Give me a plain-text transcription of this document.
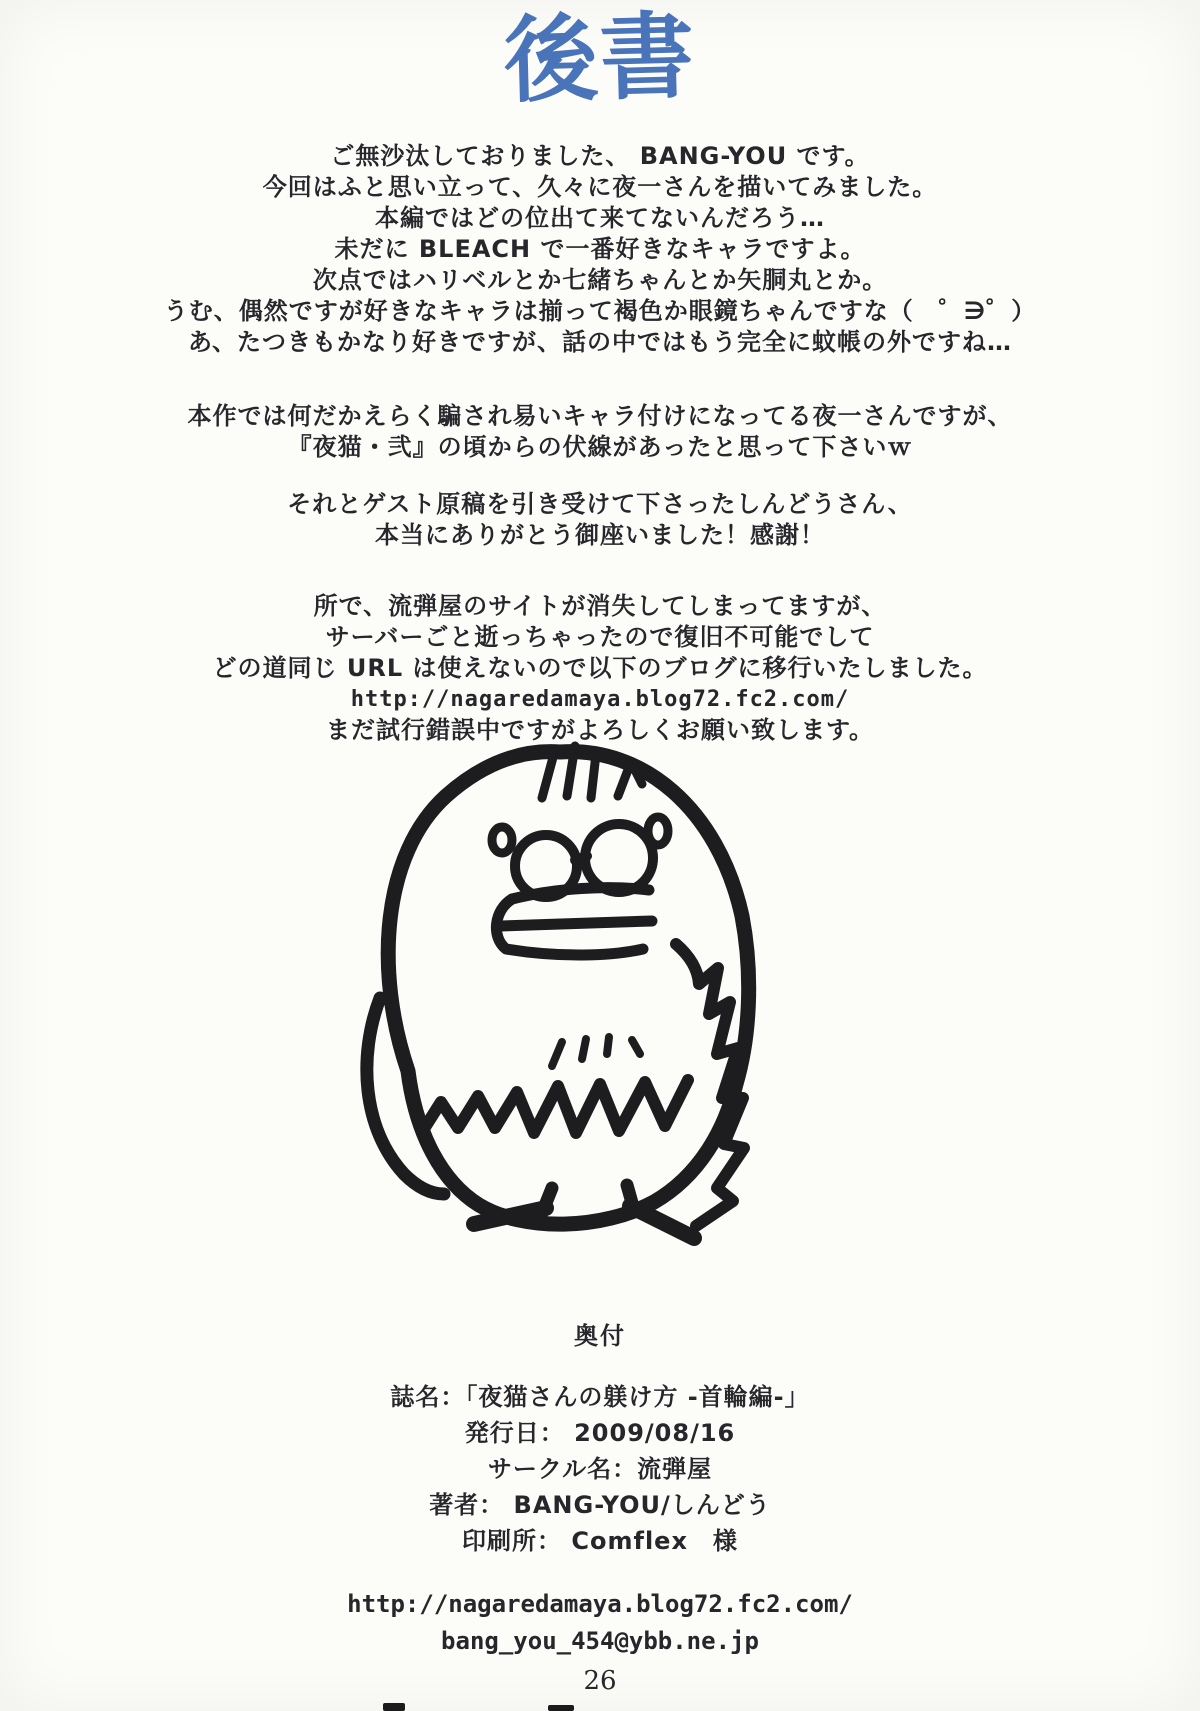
後書
ご無沙汰しておりました、 BANG-YOU です。
今回はふと思い立って、久々に夜一さんを描いてみました。
本編ではどの位出て来てないんだろう…
未だに BLEACH で一番好きなキャラですよ。
次点ではハリベルとか七緒ちゃんとか矢胴丸とか。
うむ、偶然ですが好きなキャラは揃って褐色か眼鏡ちゃんですな（　゜∋゜）
あ、たつきもかなり好きですが、話の中ではもう完全に蚊帳の外ですね…
本作では何だかえらく騙され易いキャラ付けになってる夜一さんですが、
『夜猫・弐』の頃からの伏線があったと思って下さいｗ
それとゲスト原稿を引き受けて下さったしんどうさん、
本当にありがとう御座いました！感謝！
所で、流弾屋のサイトが消失してしまってますが、
サーバーごと逝っちゃったので復旧不可能でして
どの道同じ URL は使えないので以下のブログに移行いたしました。
http://nagaredamaya.blog72.fc2.com/
まだ試行錯誤中ですがよろしくお願い致します。
奥付
誌名：「夜猫さんの躾け方 -首輪編-」
発行日： 2009/08/16
サークル名：流弾屋
著者： BANG-YOU/しんどう
印刷所： Comflex　様
http://nagaredamaya.blog72.fc2.com/
bang_you_454@ybb.ne.jp
26
